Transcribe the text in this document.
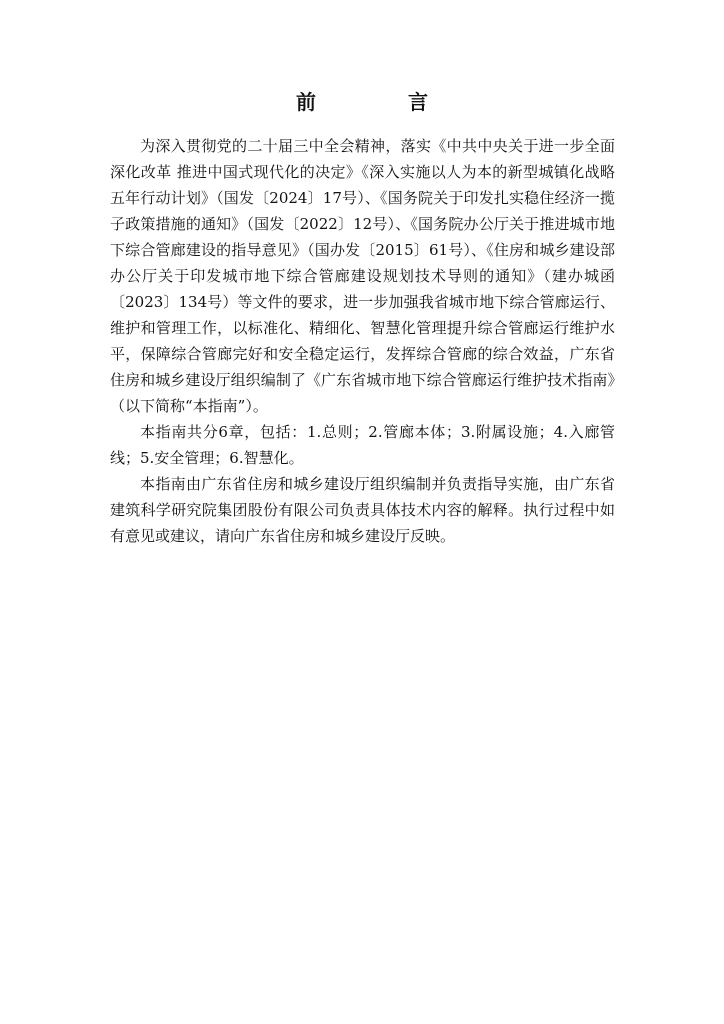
前　言

为深入贯彻党的二十届三中全会精神，落实《中共中央关于进一步全面深化改革 推进中国式现代化的决定》《深入实施以人为本的新型城镇化战略五年行动计划》（国发〔2024〕17号）、《国务院关于印发扎实稳住经济一揽子政策措施的通知》（国发〔2022〕12号）、《国务院办公厅关于推进城市地下综合管廊建设的指导意见》（国办发〔2015〕61号）、《住房和城乡建设部办公厅关于印发城市地下综合管廊建设规划技术导则的通知》（建办城函〔2023〕134号）等文件的要求，进一步加强我省城市地下综合管廊运行、维护和管理工作，以标准化、精细化、智慧化管理提升综合管廊运行维护水平，保障综合管廊完好和安全稳定运行，发挥综合管廊的综合效益，广东省住房和城乡建设厅组织编制了《广东省城市地下综合管廊运行维护技术指南》（以下简称“本指南”）。

本指南共分6章，包括：1.总则；2.管廊本体；3.附属设施；4.入廊管线；5.安全管理；6.智慧化。

本指南由广东省住房和城乡建设厅组织编制并负责指导实施，由广东省建筑科学研究院集团股份有限公司负责具体技术内容的解释。执行过程中如有意见或建议，请向广东省住房和城乡建设厅反映。
